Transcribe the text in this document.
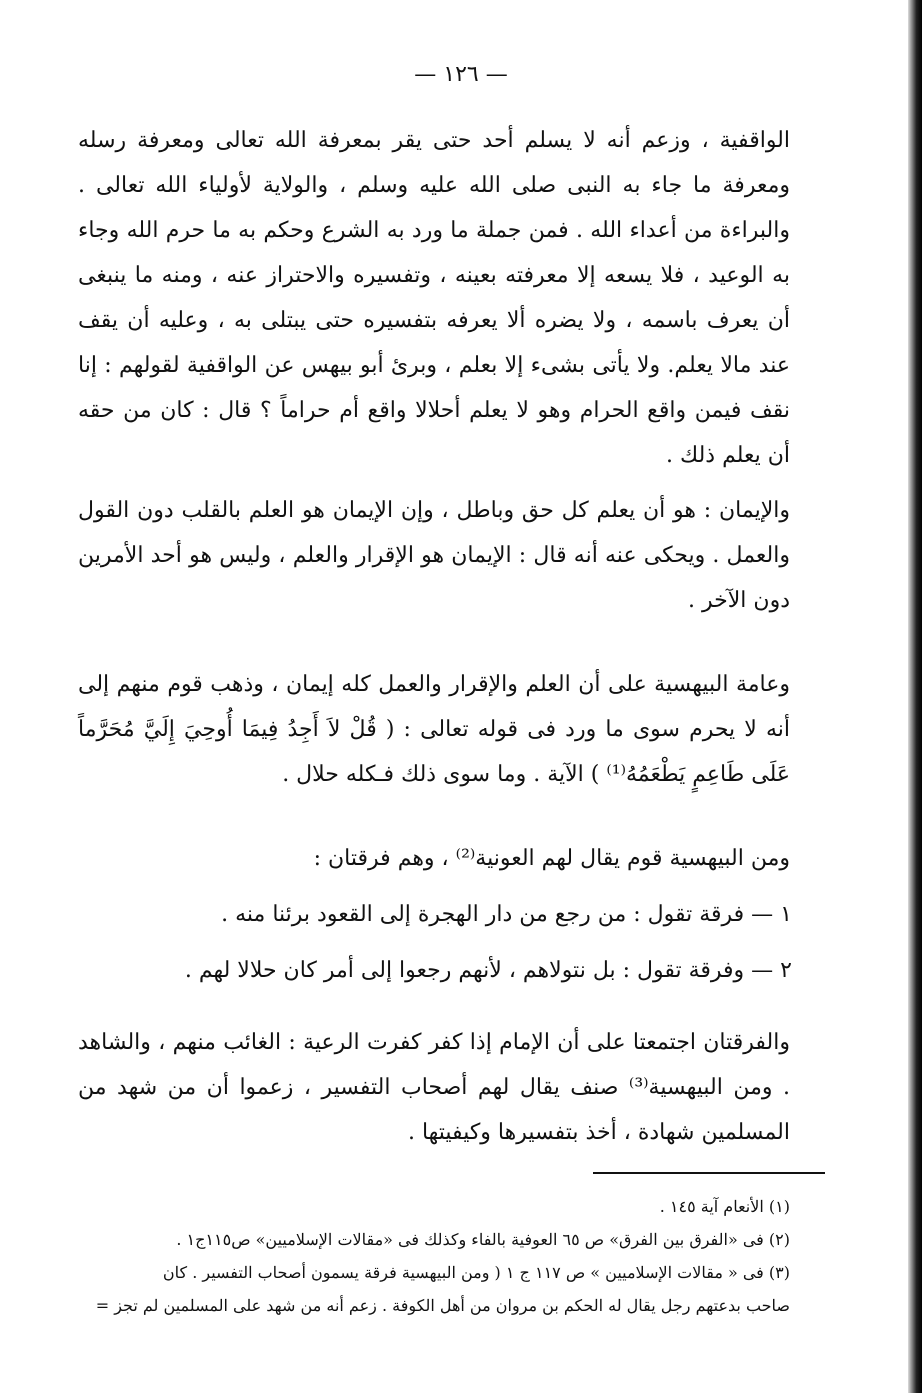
— ١٢٦ —

الواقفية ، وزعم أنه لا يسلم أحد حتى يقر بمعرفة الله تعالى ومعرفة رسله ومعرفة ما جاء به النبى صلى الله عليه وسلم ، والولاية لأولياء الله تعالى . والبراءة من أعداء الله . فمن جملة ما ورد به الشرع وحكم به ما حرم الله وجاء به الوعيد ، فلا يسعه إلا معرفته بعينه ، وتفسيره والاحتراز عنه ، ومنه ما ينبغى أن يعرف باسمه ، ولا يضره ألا يعرفه بتفسيره حتى يبتلى به ، وعليه أن يقف عند مالا يعلم. ولا يأتى بشىء إلا بعلم ، وبرئ أبو بيهس عن الواقفية لقولهم : إنا نقف فيمن واقع الحرام وهو لا يعلم أحلالا واقع أم حراماً ؟ قال : كان من حقه أن يعلم ذلك .

والإيمان : هو أن يعلم كل حق وباطل ، وإن الإيمان هو العلم بالقلب دون القول والعمل . ويحكى عنه أنه قال : الإيمان هو الإقرار والعلم ، وليس هو أحد الأمرين دون الآخر .

وعامة البيهسية على أن العلم والإقرار والعمل كله إيمان ، وذهب قوم منهم إلى أنه لا يحرم سوى ما ورد فى قوله تعالى : ( قُلْ لاَ أَجِدُ فِيمَا أُوحِيَ إِلَيَّ مُحَرَّماً عَلَى طَاعِمٍ يَطْعَمُهُ⁽¹⁾ ) الآية . وما سوى ذلك فـكله حلال .

ومن البيهسية قوم يقال لهم العونية⁽²⁾ ، وهم فرقتان :

١ — فرقة تقول : من رجع من دار الهجرة إلى القعود برئنا منه .
٢ — وفرقة تقول : بل نتولاهم ، لأنهم رجعوا إلى أمر كان حلالا لهم .

والفرقتان اجتمعتا على أن الإمام إذا كفر كفرت الرعية : الغائب منهم ، والشاهد . ومن البيهسية⁽³⁾ صنف يقال لهم أصحاب التفسير ، زعموا أن من شهد من المسلمين شهادة ، أخذ بتفسيرها وكيفيتها .

(١) الأنعام آية ١٤٥ .

(٢) فى «الفرق بين الفرق» ص ٦٥ العوفية بالفاء وكذلك فى «مقالات الإسلاميين» ص١١٥ج١ .

(٣) فى « مقالات الإسلاميين » ص ١١٧ ج ١ ( ومن البيهسية فرقة يسمون أصحاب التفسير . كان

صاحب بدعتهم رجل يقال له الحكم بن مروان من أهل الكوفة . زعم أنه من شهد على المسلمين لم تجز =
